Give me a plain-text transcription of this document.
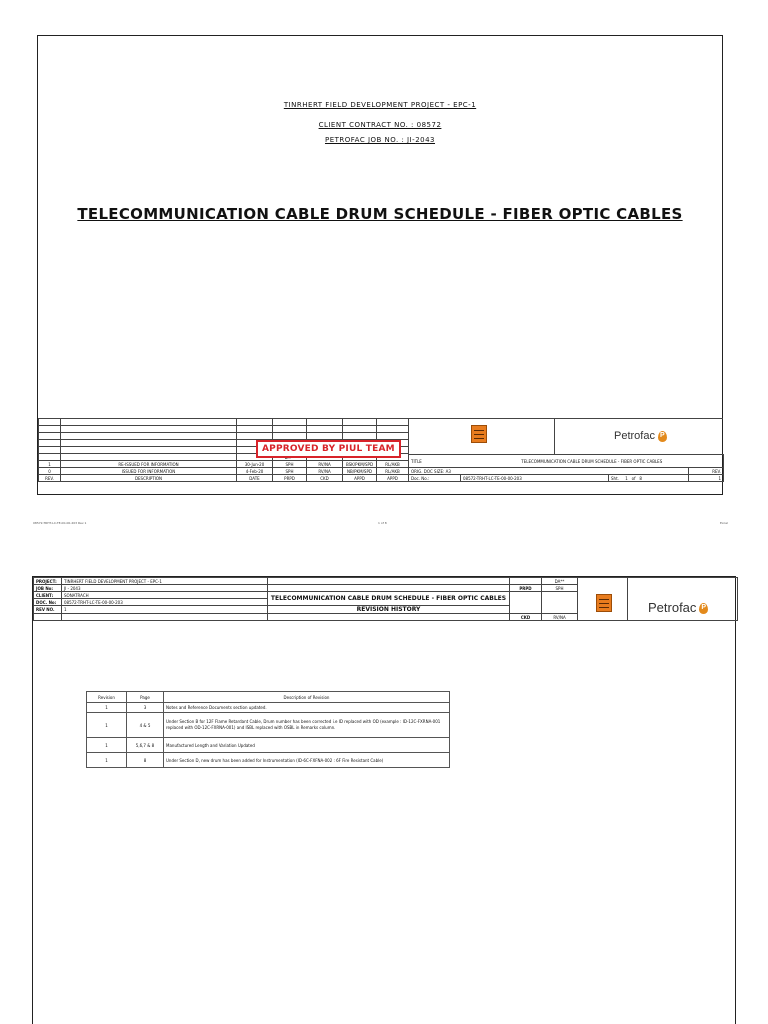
TINRHERT FIELD DEVELOPMENT PROJECT - EPC-1
CLIENT CONTRACT NO. : 08572
PETROFAC JOB NO. : JI-2043
TELECOMMUNICATION CABLE DRUM SCHEDULE - FIBER OPTIC CABLES

1	RE-ISSUED FOR INFORMATION	30-Jun-20	SPH	RV/NA	BSK/PKM/SPD	RL/AKB
0	ISSUED FOR INFORMATION	4-Feb-20	SPH	RV/NA	NB/PKM/SPD	RL/AKB
REV.	DESCRIPTION	DATE	PRPD	CKD	APPD	APPD
APPROVED BY PIUL TEAM
PetrofacP
TITLE	TELECOMMUNICATION CABLE DRUM SCHEDULE - FIBER OPTIC CABLES		
ORIG. DOC SIZE: A3			REV.
Doc. No.:	08572-TRHT-LC-TE-00-00-203	Sht. 1 of 8	1
08572-TRHT-LC-TE-00-00-203 Rev 1	1 of 8	Excel
PROJECT:	TINRHERT FIELD DEVELOPMENT PROJECT - EPC-1			DA**		PetrofacP

JOB No:	JI - 2043		PRPD	SPH		
CLIENT:	SONATRACH	TELECOMMUNICATION CABLE DRUM SCHEDULE - FIBER OPTIC CABLES				
DOC. No:	08572-TRHT-LC-TE-00-00-203					
REV NO.	1	REVISION HISTORY				
			CKD	RV/NA		
Revision	Page	Description of Revision
1	3	Notes and Reference Documents section updated.
1	4 & 5	Under Section B for 12F Flame Retardant Cable, Drum number has been corrected i.e ID replaced with OD (example : ID-12C-FXRNA-001 replaced with OD-12C-FXRNA-001) and ISBL replaced with OSBL in Remarks column.
1	5,6,7 & 8	Manufactured Length and Variation Updated
1	8	Under Section D, new drum has been added for Instrumentation (ID-6C-FXFNA-002 : 6F Fire Resistant Cable)
